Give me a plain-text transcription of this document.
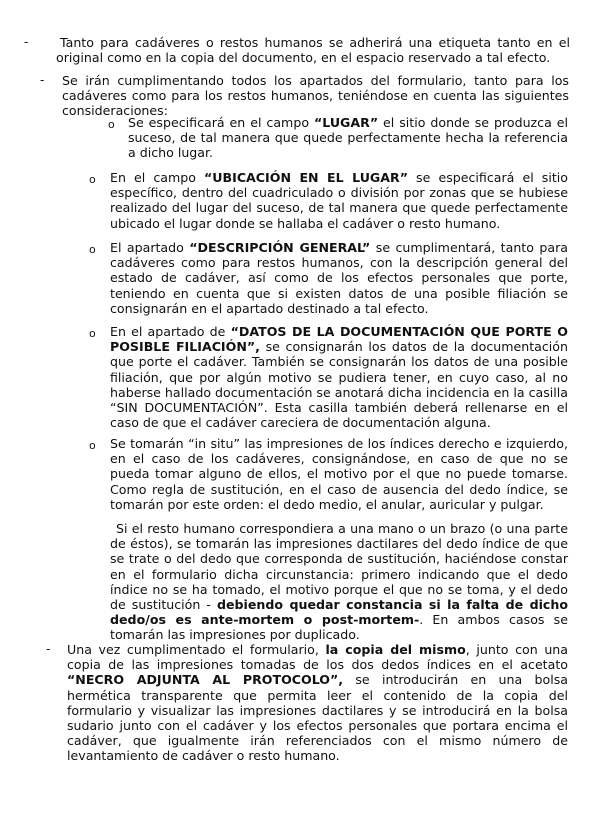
-	Tanto para cadáveres o restos humanos se adherirá una etiqueta tanto en el original como en la copia del documento, en el espacio reservado a tal efecto.
- Se irán cumplimentando todos los apartados del formulario, tanto para los cadáveres como para los restos humanos, teniéndose en cuenta las siguientes consideraciones:
o Se especificará en el campo “LUGAR” el sitio donde se produzca el suceso, de tal manera que quede perfectamente hecha la referencia a dicho lugar.
o En el campo “UBICACIÓN EN EL LUGAR” se especificará el sitio específico, dentro del cuadriculado o división por zonas que se hubiese realizado del lugar del suceso, de tal manera que quede perfectamente ubicado el lugar donde se hallaba el cadáver o resto humano.
o El apartado “DESCRIPCIÓN GENERAL” se cumplimentará, tanto para cadáveres como para restos humanos, con la descripción general del estado de cadáver, así como de los efectos personales que porte, teniendo en cuenta que si existen datos de una posible filiación se consignarán en el apartado destinado a tal efecto.
o En el apartado de “DATOS DE LA DOCUMENTACIÓN QUE PORTE O POSIBLE FILIACIÓN”, se consignarán los datos de la documentación que porte el cadáver. También se consignarán los datos de una posible filiación, que por algún motivo se pudiera tener, en cuyo caso, al no haberse hallado documentación se anotará dicha incidencia en la casilla “SIN DOCUMENTACIÓN”. Esta casilla también deberá rellenarse en el caso de que el cadáver careciera de documentación alguna.
o Se tomarán “in situ” las impresiones de los índices derecho e izquierdo, en el caso de los cadáveres, consignándose, en caso de que no se pueda tomar alguno de ellos, el motivo por el que no puede tomarse. Como regla de sustitución, en el caso de ausencia del dedo índice, se tomarán por este orden: el dedo medio, el anular, auricular y pulgar.
Si el resto humano correspondiera a una mano o un brazo (o una parte de éstos), se tomarán las impresiones dactilares del dedo índice de que se trate o del dedo que corresponda de sustitución, haciéndose constar en el formulario dicha circunstancia: primero indicando que el dedo índice no se ha tomado, el motivo porque el que no se toma, y el dedo de sustitución - debiendo quedar constancia si la falta de dicho dedo/os es ante-mortem o post-mortem-. En ambos casos se tomarán las impresiones por duplicado.
- Una vez cumplimentado el formulario, la copia del mismo, junto con una copia de las impresiones tomadas de los dos dedos índices en el acetato “NECRO ADJUNTA AL PROTOCOLO”, se introducirán en una bolsa hermética transparente que permita leer el contenido de la copia del formulario y visualizar las impresiones dactilares y se introducirá en la bolsa sudario junto con el cadáver y los efectos personales que portara encima el cadáver, que igualmente irán referenciados con el mismo número de levantamiento de cadáver o resto humano.
